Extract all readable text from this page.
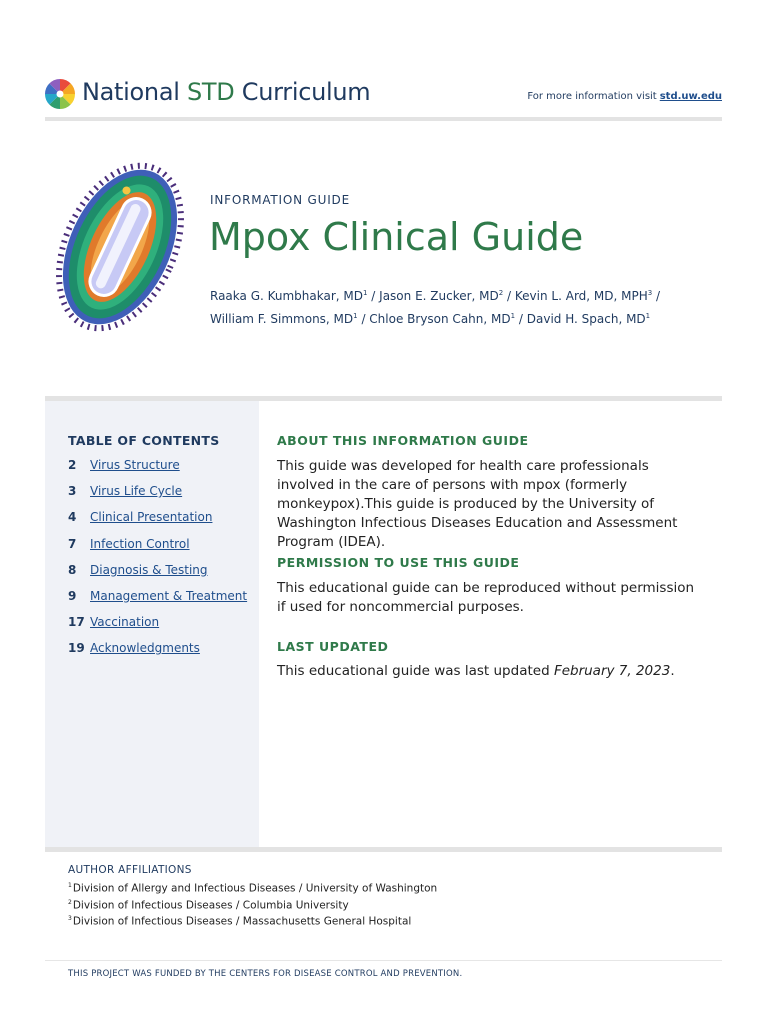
National STD Curriculum	For more information visit std.uw.edu
INFORMATION GUIDE
Mpox Clinical Guide
Raaka G. Kumbhakar, $MD^1$ / Jason E. Zucker, $MD^2$ / Kevin L. Ard, MD, MPH$^3$ /
William F. Simmons, $MD^1$ / Chloe Bryson Cahn, $MD^1$ / David H. Spach, $MD^1$
TABLE OF CONTENTS
2	Virus Structure
3	Virus Life Cycle
4	Clinical Presentation
7	Infection Control
8	Diagnosis & Testing
9	Management & Treatment
17 Vaccination
19 Acknowledgments
ABOUT THIS INFORMATION GUIDE

This guide was developed for health care professionals involved in the care of persons with mpox (formerly monkeypox).This guide is produced by the University of Washington Infectious Diseases Education and Assessment Program (IDEA).

PERMISSION TO USE THIS GUIDE

This educational guide can be reproduced without permission if used for noncommercial purposes.

LAST UPDATED

This educational guide was last updated February 7, 2023.

AUTHOR AFFILIATIONS
$^1$Division of Allergy and Infectious Diseases / University of Washington
$^2$Division of Infectious Diseases / Columbia University
$^3$Division of Infectious Diseases / Massachusetts General Hospital
THIS PROJECT WAS FUNDED BY THE CENTERS FOR DISEASE CONTROL AND PREVENTION.
